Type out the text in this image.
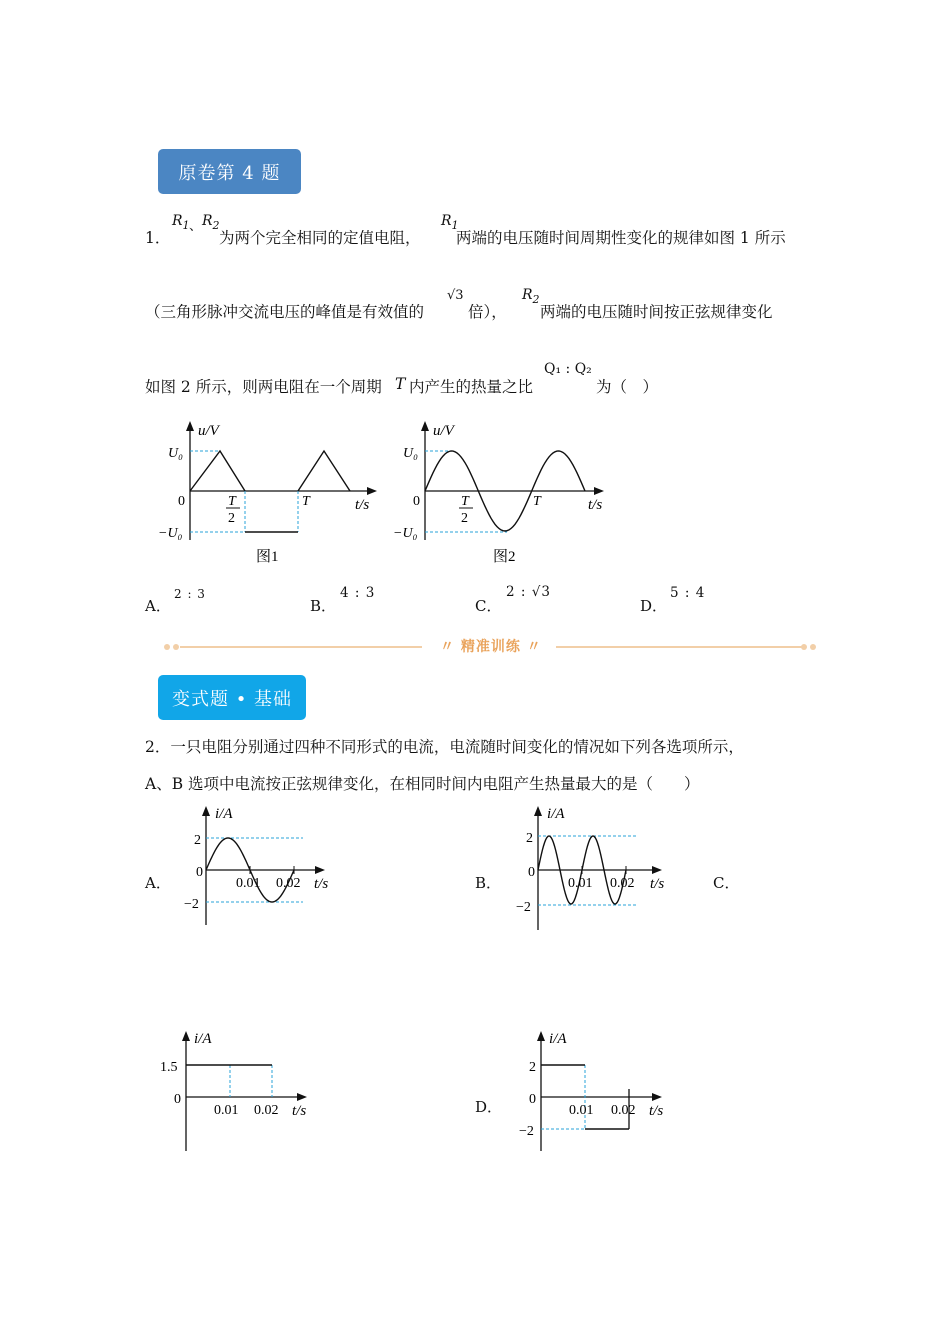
原卷第 4 题
1．
$R_1$ 、 $R_2$
为两个完全相同的定值电阻，
$R_1$
两端的电压随时间周期性变化的规律如图 1 所示
（三角形脉冲交流电压的峰值是有效值的
√3
倍），
$R_2$
两端的电压随时间按正弦规律变化
如图 2 所示，则两电阻在一个周期 T 内产生的热量之比
Q₁ : Q₂
为（　）
u/V
U₀
−U₀
0	T
2
T	t/s
图1
u/V
U₀
−U₀
0	T
2
T	t/s
图2
A．
2 : 3
B．
4 : 3
C．
2 : √3
D．
5 : 4
〃 精准训练 〃
变式题 • 基础
2．一只电阻分别通过四种不同形式的电流，电流随时间变化的情况如下列各选项所示，
A、B 选项中电流按正弦规律变化，在相同时间内电阻产生热量最大的是（　　）
A．
i/A
2
0
−2
0.01 0.02 t/s	B．
i/A
2
0
−2
0.01 0.02 t/s	C．
i/A
1.5
0
0.01 0.02 t/s	D．
i/A
2
0
−2
0.01 0.02 t/s
